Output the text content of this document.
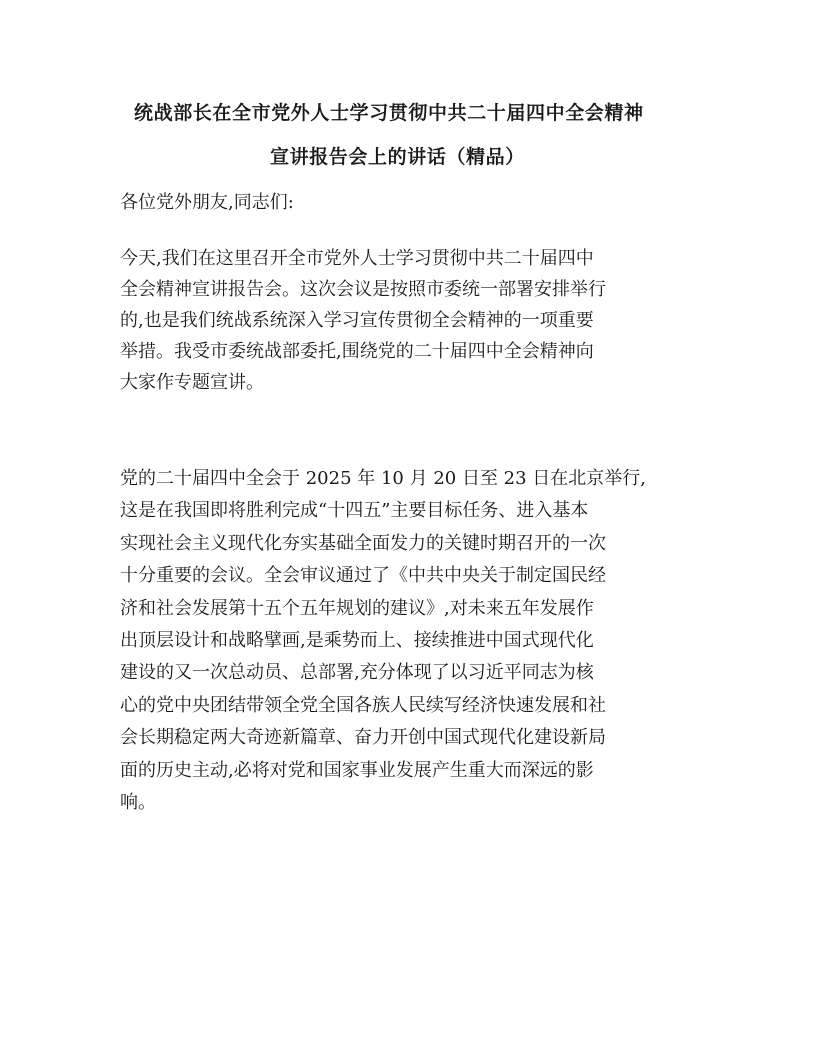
统战部长在全市党外人士学习贯彻中共二十届四中全会精神
宣讲报告会上的讲话（精品）
各位党外朋友,同志们:
今天,我们在这里召开全市党外人士学习贯彻中共二十届四中
全会精神宣讲报告会。这次会议是按照市委统一部署安排举行
的,也是我们统战系统深入学习宣传贯彻全会精神的一项重要
举措。我受市委统战部委托,围绕党的二十届四中全会精神向
大家作专题宣讲。
党的二十届四中全会于 2025 年 10 月 20 日至 23 日在北京举行,
这是在我国即将胜利完成“十四五”主要目标任务、进入基本
实现社会主义现代化夯实基础全面发力的关键时期召开的一次
十分重要的会议。全会审议通过了《中共中央关于制定国民经
济和社会发展第十五个五年规划的建议》,对未来五年发展作
出顶层设计和战略擘画,是乘势而上、接续推进中国式现代化
建设的又一次总动员、总部署,充分体现了以习近平同志为核
心的党中央团结带领全党全国各族人民续写经济快速发展和社
会长期稳定两大奇迹新篇章、奋力开创中国式现代化建设新局
面的历史主动,必将对党和国家事业发展产生重大而深远的影
响。
